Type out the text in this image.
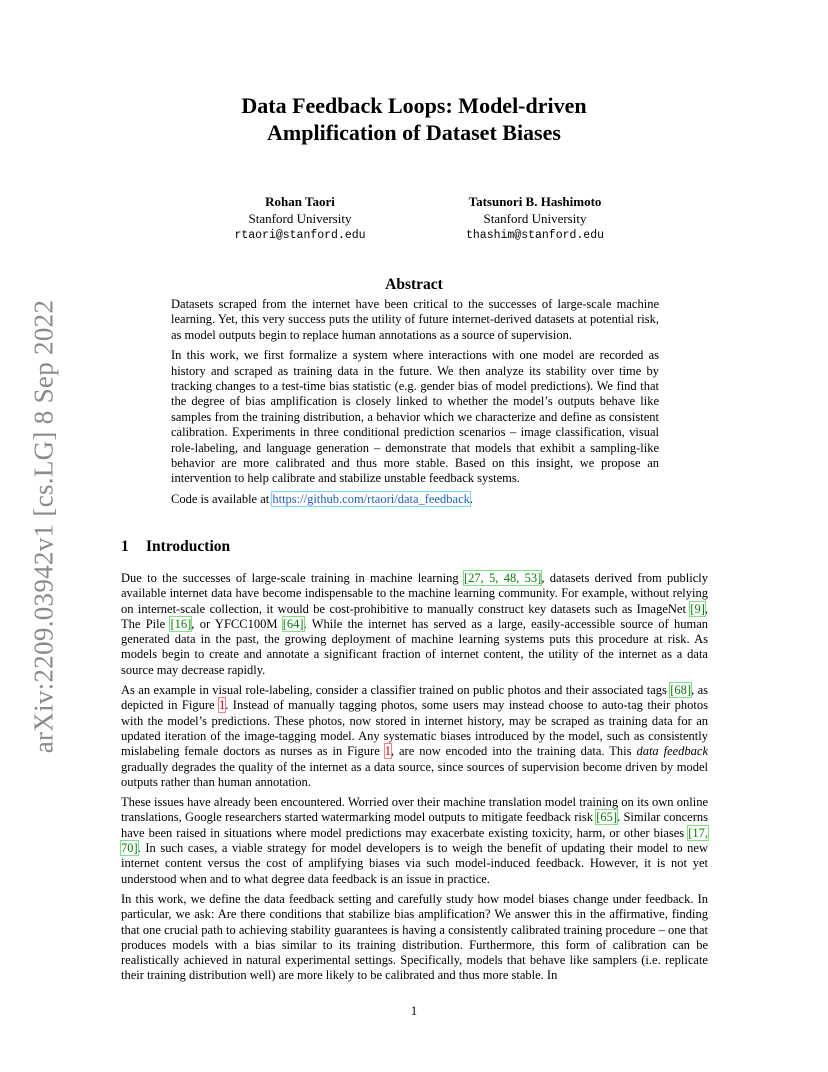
arXiv:2209.03942v1 [cs.LG] 8 Sep 2022
Data Feedback Loops: Model-driven
Amplification of Dataset Biases
Rohan Taori
Stanford University
rtaori@stanford.edu
Tatsunori B. Hashimoto
Stanford University
thashim@stanford.edu
Abstract

Datasets scraped from the internet have been critical to the successes of large-scale machine learning. Yet, this very success puts the utility of future internet-derived datasets at potential risk, as model outputs begin to replace human annotations as a source of supervision.

In this work, we first formalize a system where interactions with one model are recorded as history and scraped as training data in the future. We then analyze its stability over time by tracking changes to a test-time bias statistic (e.g. gender bias of model predictions). We find that the degree of bias amplification is closely linked to whether the model’s outputs behave like samples from the training distribution, a behavior which we characterize and define as consistent calibration. Experiments in three conditional prediction scenarios – image classification, visual role-labeling, and language generation – demonstrate that models that exhibit a sampling-like behavior are more calibrated and thus more stable. Based on this insight, we propose an intervention to help calibrate and stabilize unstable feedback systems.

Code is available at https://github.com/rtaori/data_feedback.

1 Introduction

Due to the successes of large-scale training in machine learning [27, 5, 48, 53], datasets derived from publicly available internet data have become indispensable to the machine learning community. For example, without relying on internet-scale collection, it would be cost-prohibitive to manually construct key datasets such as ImageNet [9], The Pile [16], or YFCC100M [64]. While the internet has served as a large, easily-accessible source of human generated data in the past, the growing deployment of machine learning systems puts this procedure at risk. As models begin to create and annotate a significant fraction of internet content, the utility of the internet as a data source may decrease rapidly.

As an example in visual role-labeling, consider a classifier trained on public photos and their associated tags [68], as depicted in Figure 1. Instead of manually tagging photos, some users may instead choose to auto-tag their photos with the model’s predictions. These photos, now stored in internet history, may be scraped as training data for an updated iteration of the image-tagging model. Any systematic biases introduced by the model, such as consistently mislabeling female doctors as nurses as in Figure 1, are now encoded into the training data. This data feedback gradually degrades the quality of the internet as a data source, since sources of supervision become driven by model outputs rather than human annotation.

These issues have already been encountered. Worried over their machine translation model training on its own online translations, Google researchers started watermarking model outputs to mitigate feedback risk [65]. Similar concerns have been raised in situations where model predictions may exacerbate existing toxicity, harm, or other biases [17, 70]. In such cases, a viable strategy for model developers is to weigh the benefit of updating their model to new internet content versus the cost of amplifying biases via such model-induced feedback. However, it is not yet understood when and to what degree data feedback is an issue in practice.

In this work, we define the data feedback setting and carefully study how model biases change under feedback. In particular, we ask: Are there conditions that stabilize bias amplification? We answer this in the affirmative, finding that one crucial path to achieving stability guarantees is having a consistently calibrated training procedure – one that produces models with a bias similar to its training distribution. Furthermore, this form of calibration can be realistically achieved in natural experimental settings. Specifically, models that behave like samplers (i.e. replicate their training distribution well) are more likely to be calibrated and thus more stable. In

1
